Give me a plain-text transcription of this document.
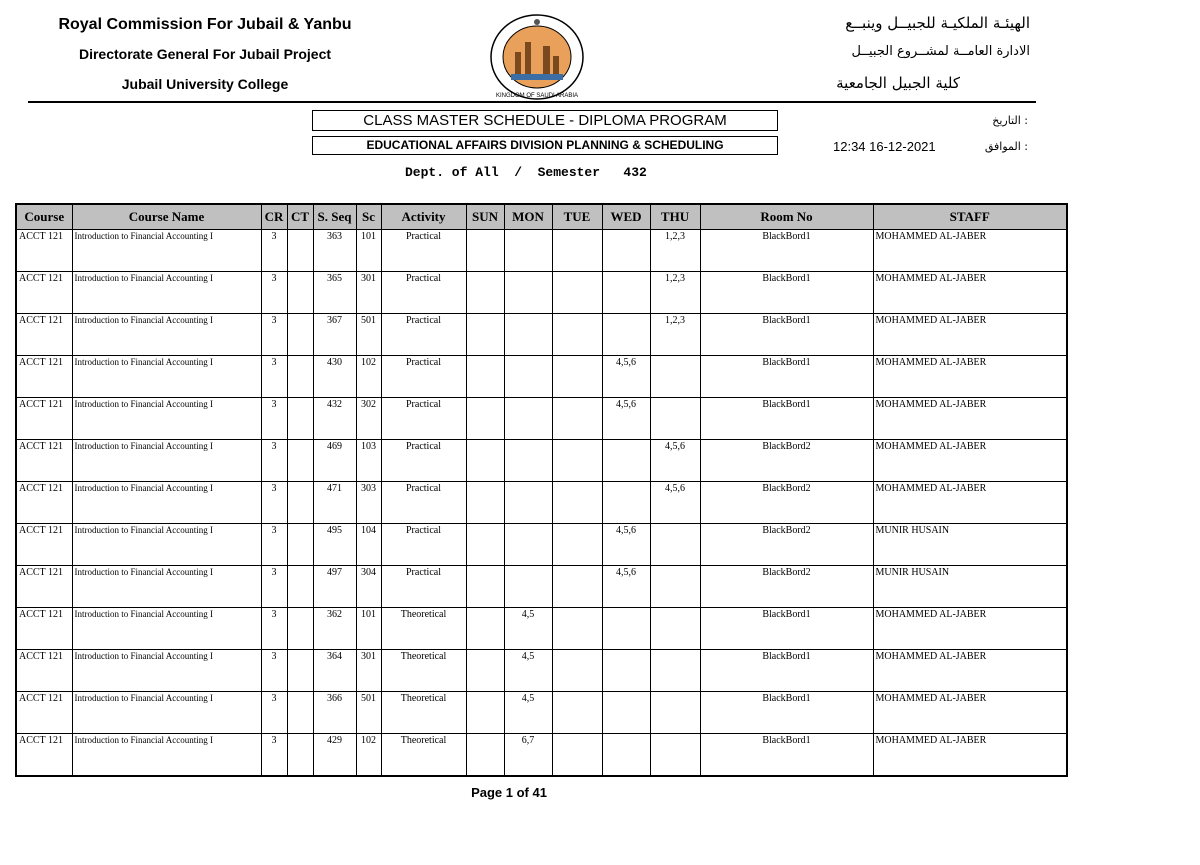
Royal Commission For Jubail & Yanbu
Directorate General For Jubail Project
Jubail University College
KINGDOM OF SAUDI ARABIA
الهيئـة الملكيـة للجبيــل وينبــع
الادارة العامــة لمشــروع الجبيــل
كلية الجبيل الجامعية
CLASS MASTER SCHEDULE - DIPLOMA PROGRAM
EDUCATIONAL AFFAIRS DIVISION PLANNING & SCHEDULING
: التاريخ
: الموافق
12:34 16-12-2021
Dept. of All  /  Semester   432
Course	Course Name	CR	CT	S. Seq	Sc	Activity	SUN	MON	TUE	WED	THU	Room No	STAFF
ACCT 121	Introduction to Financial Accounting I	3		363	101	Practical					1,2,3	BlackBord1	MOHAMMED AL-JABER
ACCT 121	Introduction to Financial Accounting I	3		365	301	Practical					1,2,3	BlackBord1	MOHAMMED AL-JABER
ACCT 121	Introduction to Financial Accounting I	3		367	501	Practical					1,2,3	BlackBord1	MOHAMMED AL-JABER
ACCT 121	Introduction to Financial Accounting I	3		430	102	Practical				4,5,6		BlackBord1	MOHAMMED AL-JABER
ACCT 121	Introduction to Financial Accounting I	3		432	302	Practical				4,5,6		BlackBord1	MOHAMMED AL-JABER
ACCT 121	Introduction to Financial Accounting I	3		469	103	Practical					4,5,6	BlackBord2	MOHAMMED AL-JABER
ACCT 121	Introduction to Financial Accounting I	3		471	303	Practical					4,5,6	BlackBord2	MOHAMMED AL-JABER
ACCT 121	Introduction to Financial Accounting I	3		495	104	Practical				4,5,6		BlackBord2	MUNIR HUSAIN
ACCT 121	Introduction to Financial Accounting I	3		497	304	Practical				4,5,6		BlackBord2	MUNIR HUSAIN
ACCT 121	Introduction to Financial Accounting I	3		362	101	Theoretical		4,5				BlackBord1	MOHAMMED AL-JABER
ACCT 121	Introduction to Financial Accounting I	3		364	301	Theoretical		4,5				BlackBord1	MOHAMMED AL-JABER
ACCT 121	Introduction to Financial Accounting I	3		366	501	Theoretical		4,5				BlackBord1	MOHAMMED AL-JABER
ACCT 121	Introduction to Financial Accounting I	3		429	102	Theoretical		6,7				BlackBord1	MOHAMMED AL-JABER
Page 1 of 41
